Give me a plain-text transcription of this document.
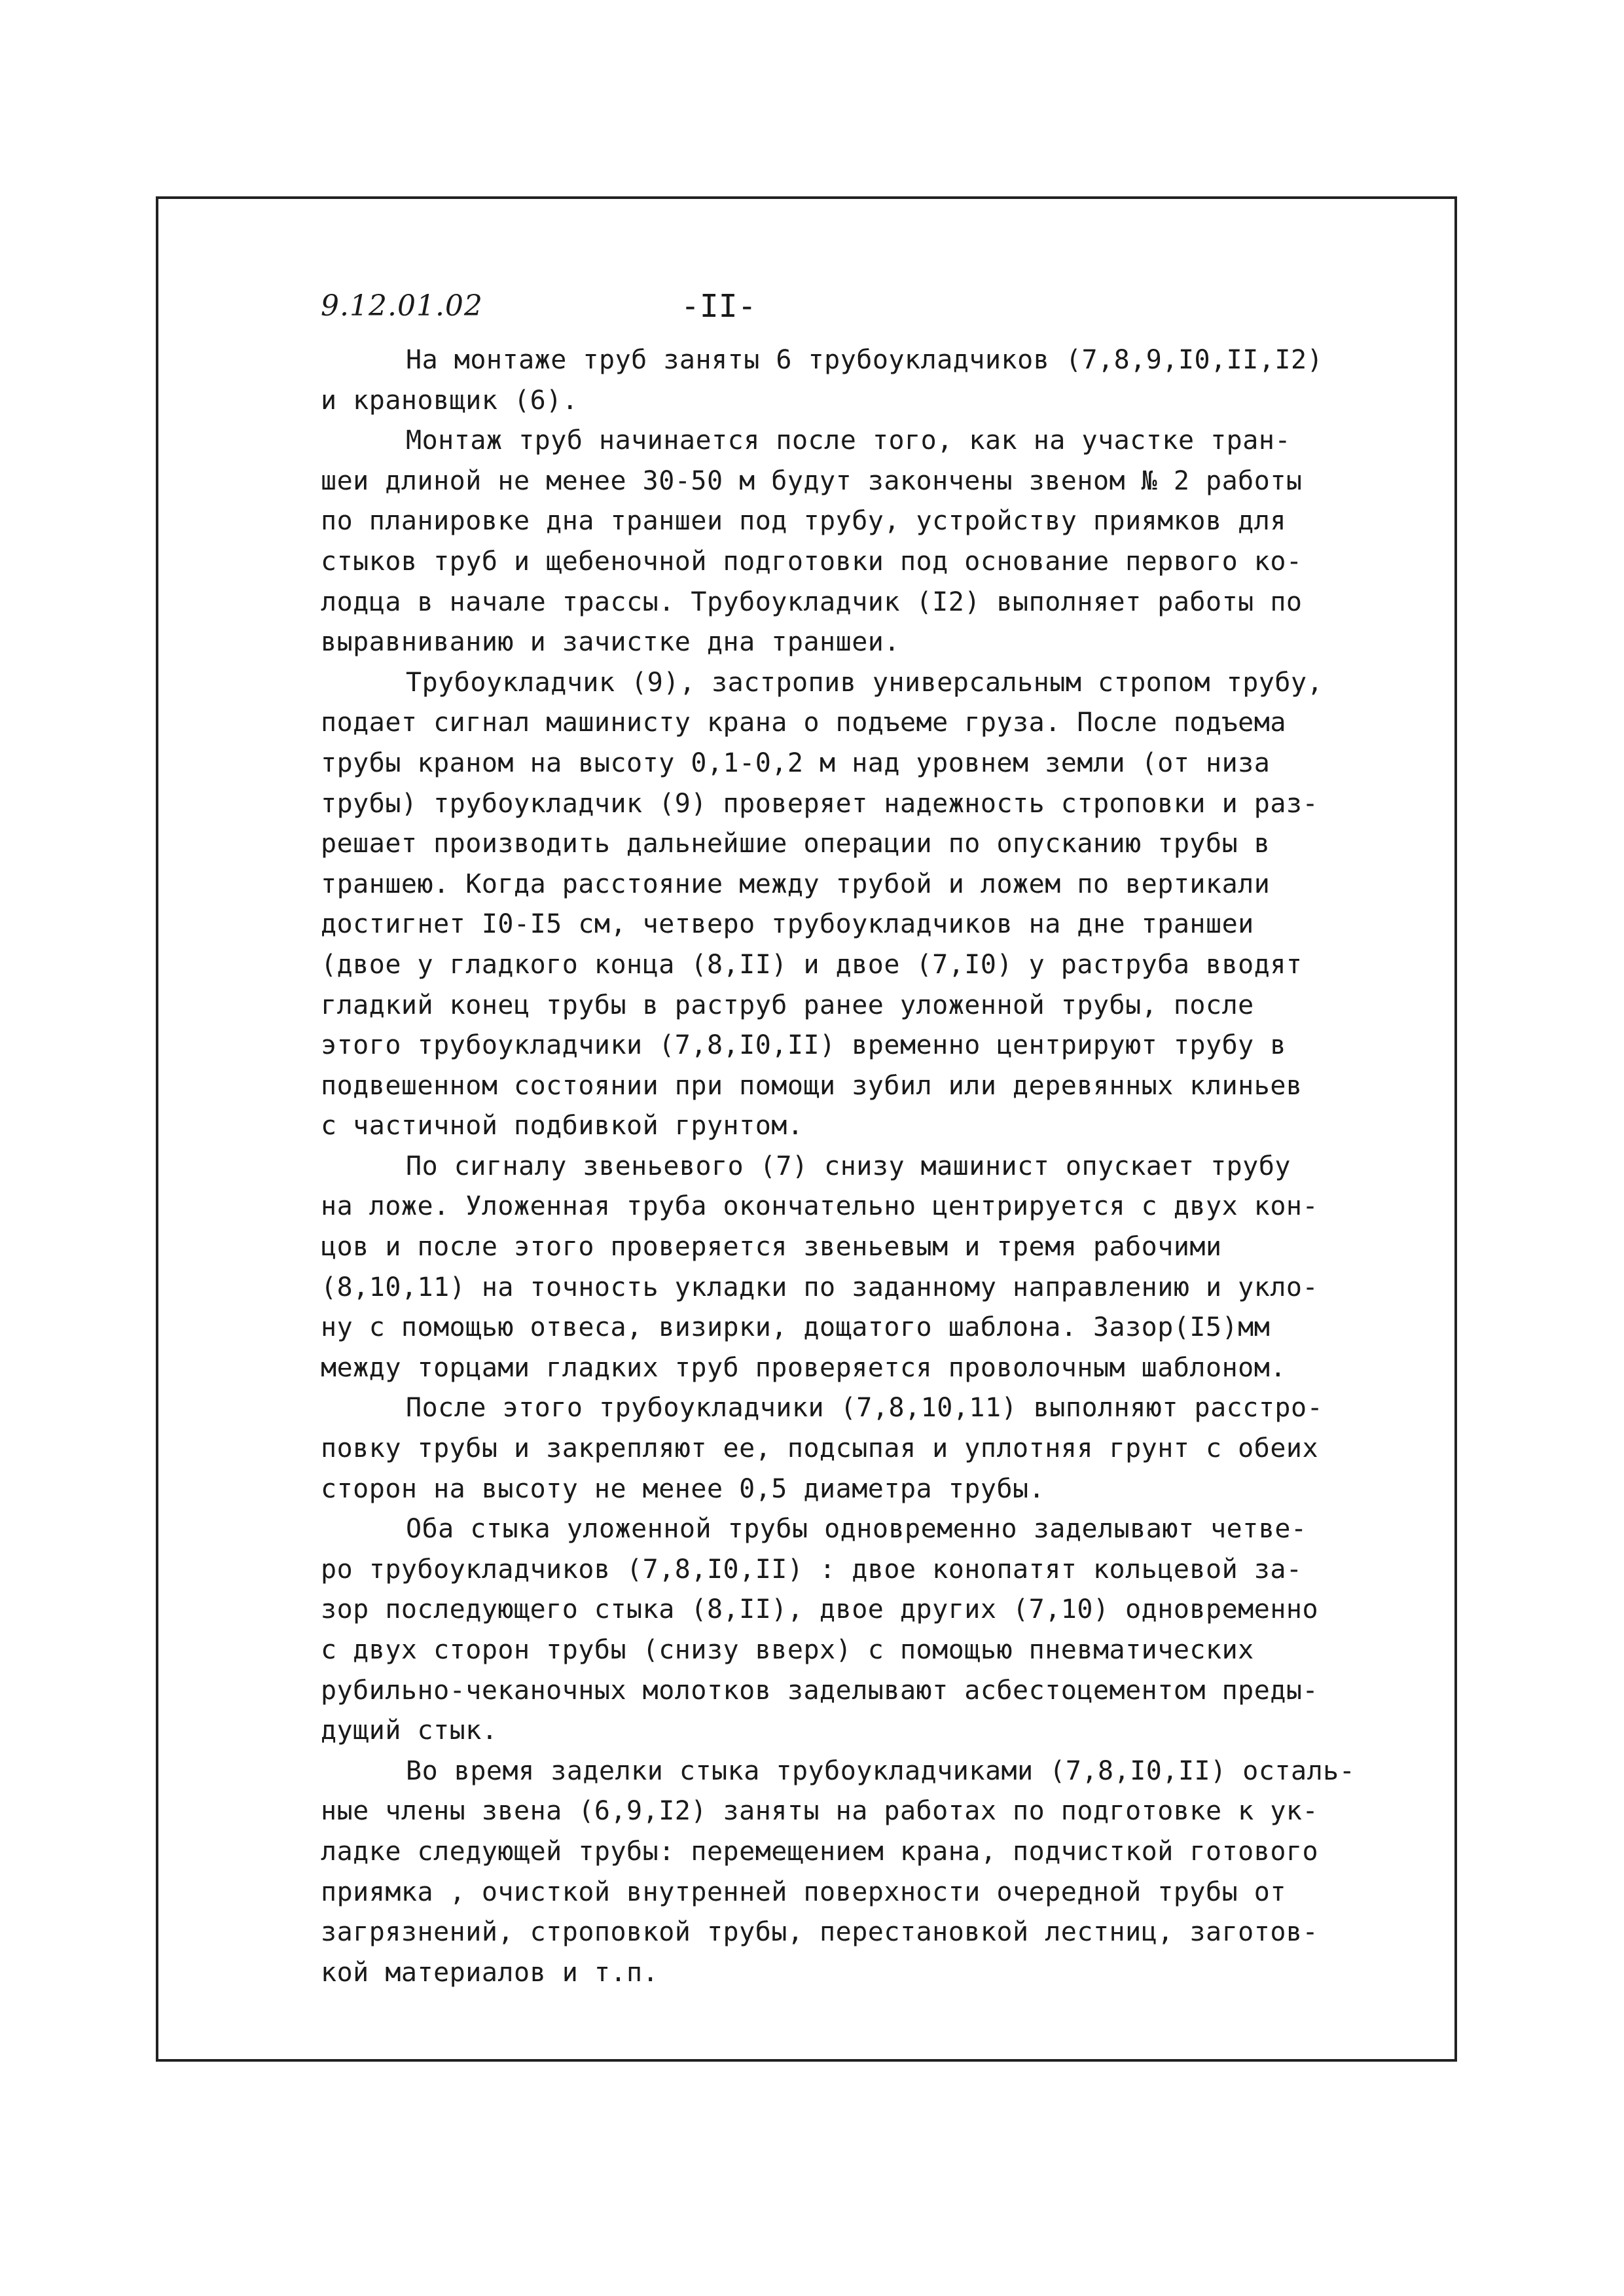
9.12.01.02	-II-
На монтаже труб заняты 6 трубоукладчиков (7,8,9,I0,II,I2)
и крановщик (6).
Монтаж труб начинается после того, как на участке тран-
шеи длиной не менее 30-50 м будут закончены звеном № 2 работы
по планировке дна траншеи под трубу, устройству приямков для
стыков труб и щебеночной подготовки под основание первого ко-
лодца в начале трассы. Трубоукладчик (I2) выполняет работы по
выравниванию и зачистке дна траншеи.
Трубоукладчик (9), застропив универсальным стропом трубу,
подает сигнал машинисту крана о подъеме груза. После подъема
трубы краном на высоту 0,1-0,2 м над уровнем земли (от низа
трубы) трубоукладчик (9) проверяет надежность строповки и раз-
решает производить дальнейшие операции по опусканию трубы в
траншею. Когда расстояние между трубой и ложем по вертикали
достигнет I0-I5 см, четверо трубоукладчиков на дне траншеи
(двое у гладкого конца (8,II) и двое (7,I0) у раструба вводят
гладкий конец трубы в раструб ранее уложенной трубы, после
этого трубоукладчики (7,8,I0,II) временно центрируют трубу в
подвешенном состоянии при помощи зубил или деревянных клиньев
с частичной подбивкой грунтом.
По сигналу звеньевого (7) снизу машинист опускает трубу
на ложе. Уложенная труба окончательно центрируется с двух кон-
цов и после этого проверяется звеньевым и тремя рабочими
(8,10,11) на точность укладки по заданному направлению и укло-
ну с помощью отвеса, визирки, дощатого шаблона. Зазор(I5)мм
между торцами гладких труб проверяется проволочным шаблоном.
После этого трубоукладчики (7,8,10,11) выполняют расстро-
повку трубы и закрепляют ее, подсыпая и уплотняя грунт с обеих
сторон на высоту не менее 0,5 диаметра трубы.
Оба стыка уложенной трубы одновременно заделывают четве-
ро трубоукладчиков (7,8,I0,II) : двое конопатят кольцевой за-
зор последующего стыка (8,II), двое других (7,10) одновременно
с двух сторон трубы (снизу вверх) с помощью пневматических
рубильно-чеканочных молотков заделывают асбестоцементом преды-
дущий стык.
Во время заделки стыка трубоукладчиками (7,8,I0,II) осталь-
ные члены звена (6,9,I2) заняты на работах по подготовке к ук-
ладке следующей трубы: перемещением крана, подчисткой готового
приямка , очисткой внутренней поверхности очередной трубы от
загрязнений, строповкой трубы, перестановкой лестниц, заготов-
кой материалов и т.п.
